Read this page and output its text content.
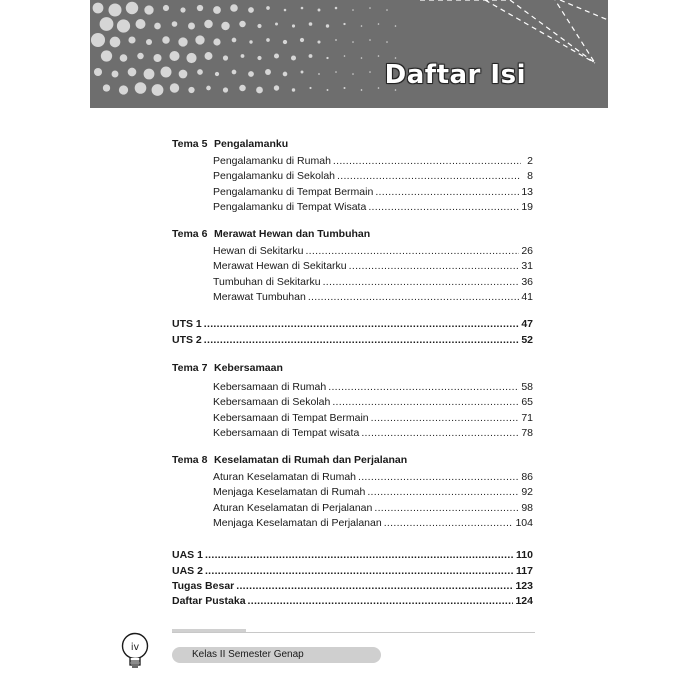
Daftar Isi
Tema 5 Pengalamanku
Pengalamanku di Rumah .....	2
Pengalamanku di Sekolah .....	8
Pengalamanku di Tempat Bermain .....	13
Pengalamanku di Tempat Wisata .....	19
Tema 6 Merawat Hewan dan Tumbuhan
Hewan di Sekitarku .....	26
Merawat Hewan di Sekitarku .....	31
Tumbuhan di Sekitarku .....	36
Merawat Tumbuhan .....	41
UTS 1 .....	47
UTS 2 .....	52
Tema 7 Kebersamaan
Kebersamaan di Rumah .....	58
Kebersamaan di Sekolah .....	65
Kebersamaan di Tempat Bermain .....	71
Kebersamaan di Tempat wisata .....	78
Tema 8 Keselamatan di Rumah dan Perjalanan
Aturan Keselamatan di Rumah .....	86
Menjaga Keselamatan di Rumah .....	92
Aturan Keselamatan di Perjalanan .....	98
Menjaga Keselamatan di Perjalanan .....	104
UAS 1 .....	110
UAS 2 .....	117
Tugas Besar .....	123
Daftar Pustaka .....	124
iv
Kelas II Semester Genap
